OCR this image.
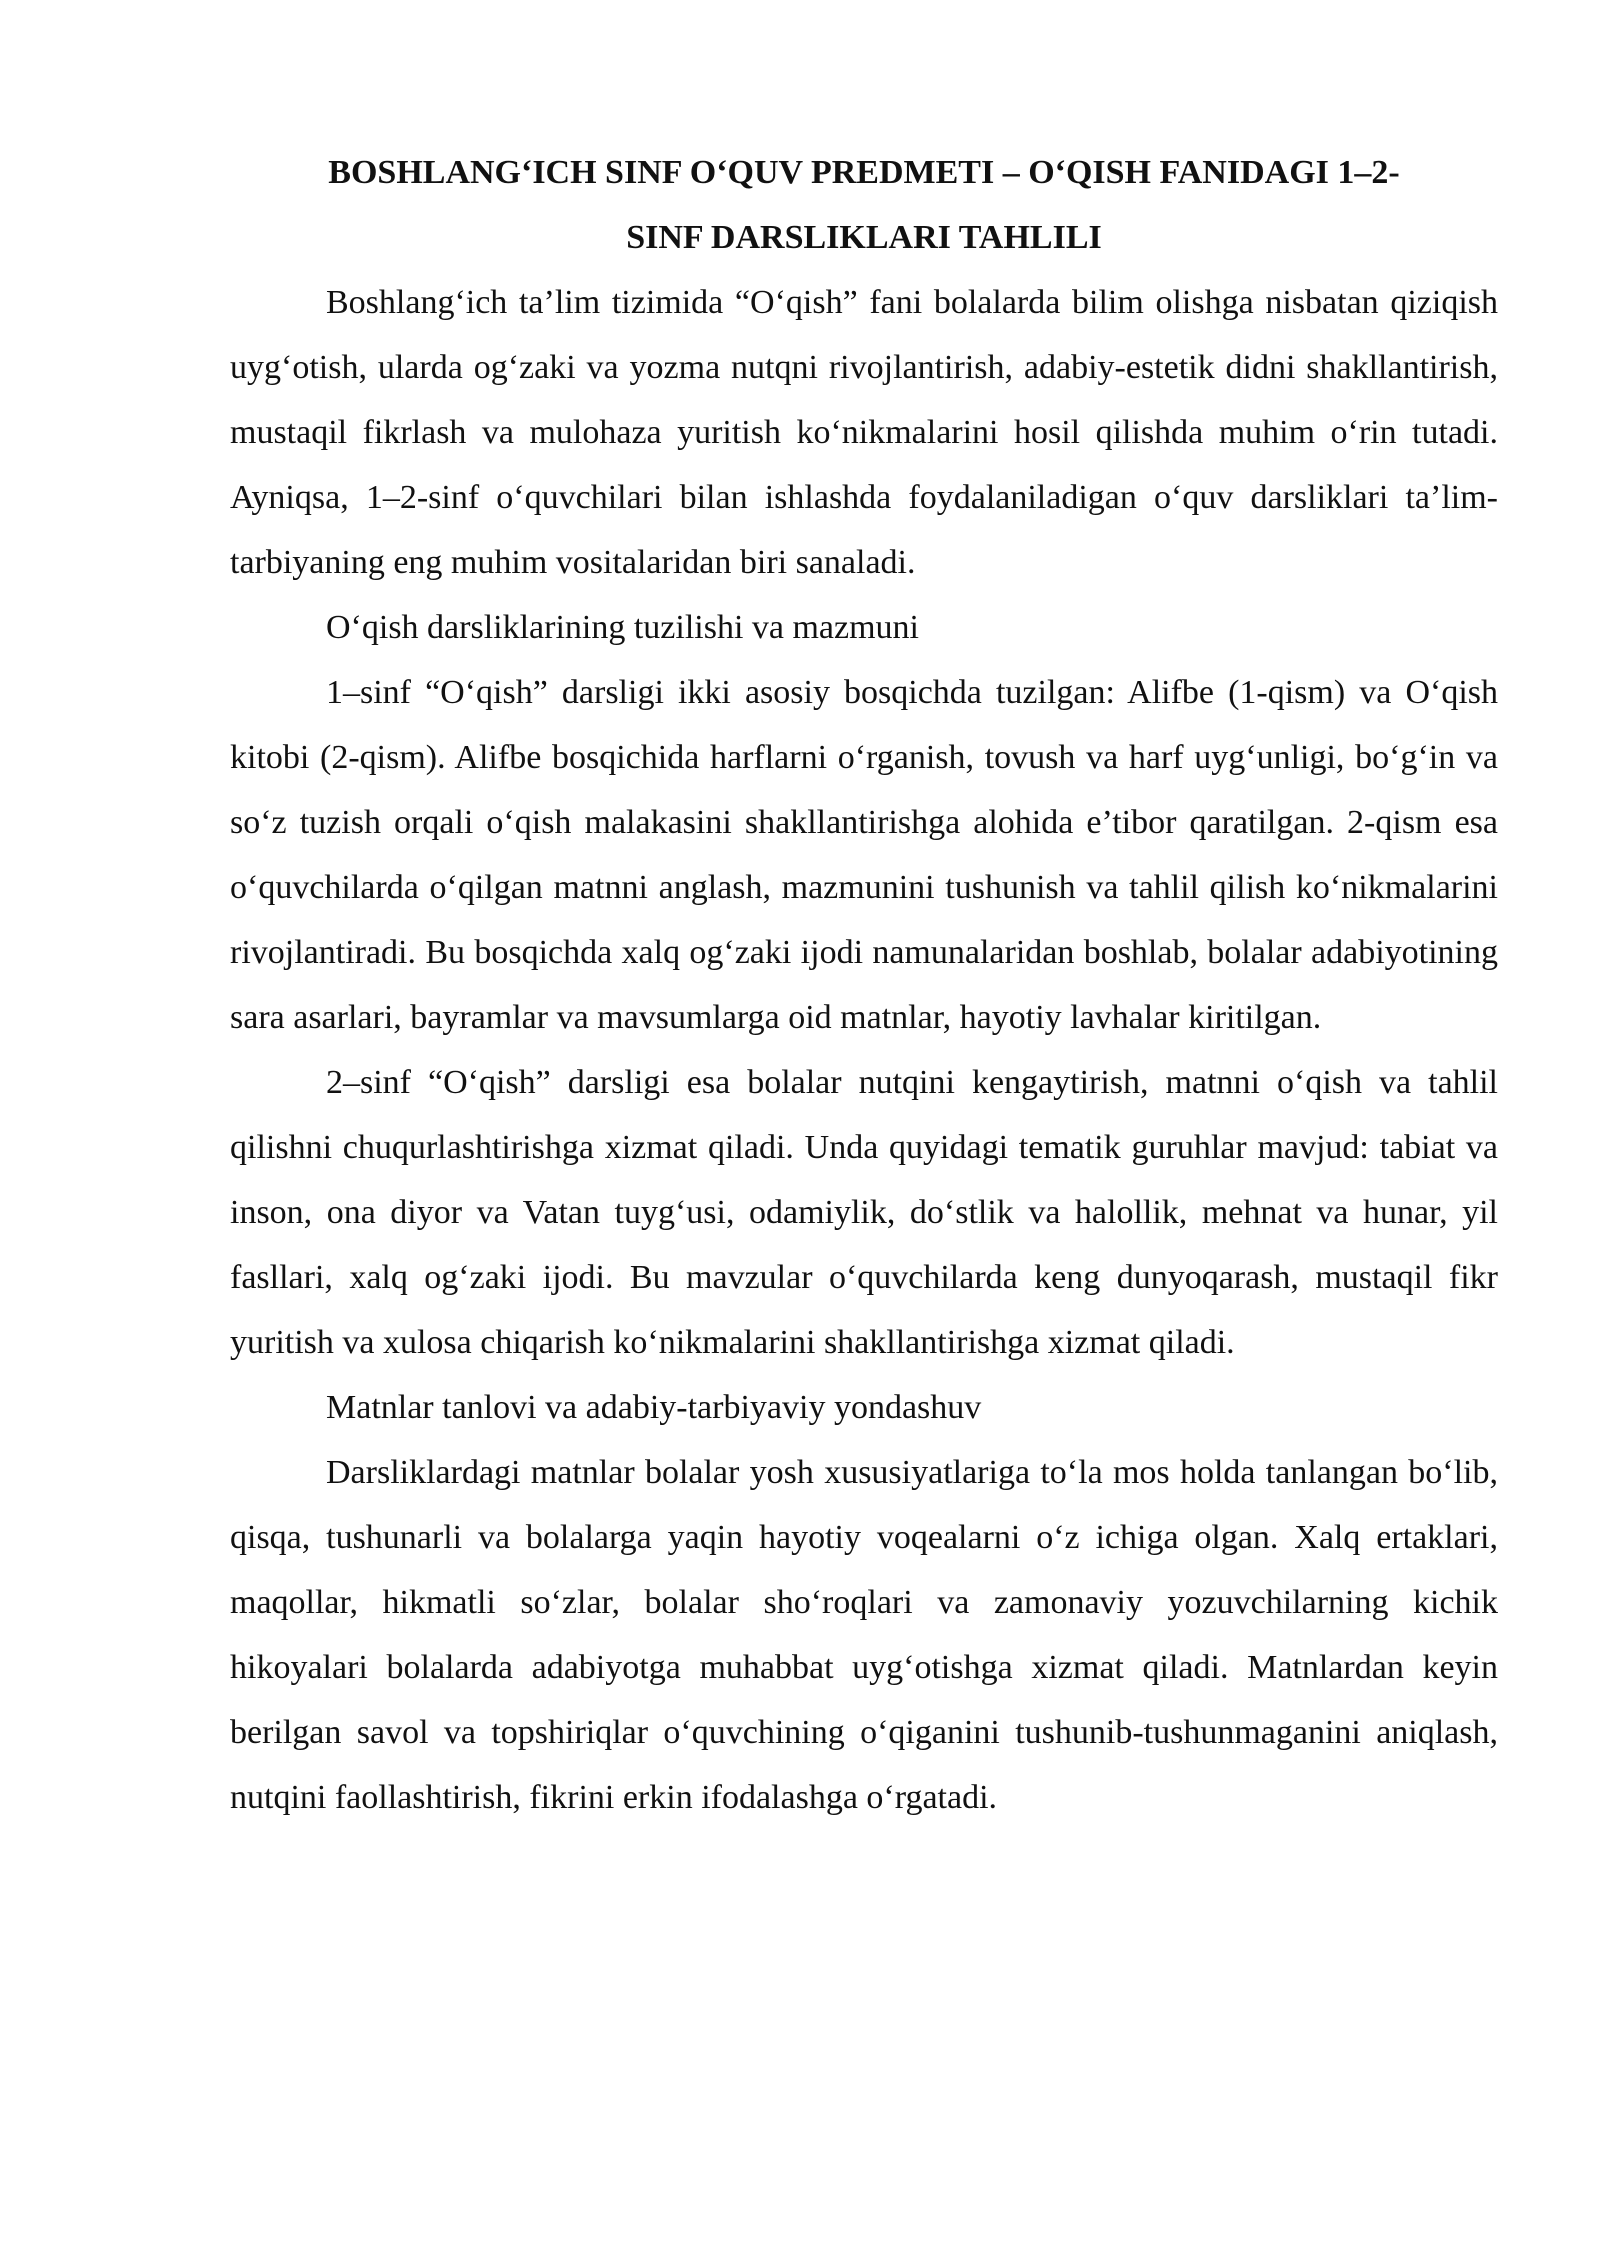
BOSHLANG‘ICH SINF O‘QUV PREDMETI – O‘QISH FANIDAGI 1–2-
SINF DARSLIKLARI TAHLILI

Boshlang‘ich ta’lim tizimida “O‘qish” fani bolalarda bilim olishga nisbatan qiziqish uyg‘otish, ularda og‘zaki va yozma nutqni rivojlantirish, adabiy-estetik didni shakllantirish, mustaqil fikrlash va mulohaza yuritish ko‘nikmalarini hosil qilishda muhim o‘rin tutadi. Ayniqsa, 1–2-sinf o‘quvchilari bilan ishlashda foydalaniladigan o‘quv darsliklari ta’lim-tarbiyaning eng muhim vositalaridan biri sanaladi.

O‘qish darsliklarining tuzilishi va mazmuni

1–sinf “O‘qish” darsligi ikki asosiy bosqichda tuzilgan: Alifbe (1-qism) va O‘qish kitobi (2-qism). Alifbe bosqichida harflarni o‘rganish, tovush va harf uyg‘unligi, bo‘g‘in va so‘z tuzish orqali o‘qish malakasini shakllantirishga alohida e’tibor qaratilgan. 2-qism esa o‘quvchilarda o‘qilgan matnni anglash, mazmunini tushunish va tahlil qilish ko‘nikmalarini rivojlantiradi. Bu bosqichda xalq og‘zaki ijodi namunalaridan boshlab, bolalar adabiyotining sara asarlari, bayramlar va mavsumlarga oid matnlar, hayotiy lavhalar kiritilgan.

2–sinf “O‘qish” darsligi esa bolalar nutqini kengaytirish, matnni o‘qish va tahlil qilishni chuqurlashtirishga xizmat qiladi. Unda quyidagi tematik guruhlar mavjud: tabiat va inson, ona diyor va Vatan tuyg‘usi, odamiylik, do‘stlik va halollik, mehnat va hunar, yil fasllari, xalq og‘zaki ijodi. Bu mavzular o‘quvchilarda keng dunyoqarash, mustaqil fikr yuritish va xulosa chiqarish ko‘nikmalarini shakllantirishga xizmat qiladi.

Matnlar tanlovi va adabiy-tarbiyaviy yondashuv

Darsliklardagi matnlar bolalar yosh xususiyatlariga to‘la mos holda tanlangan bo‘lib, qisqa, tushunarli va bolalarga yaqin hayotiy voqealarni o‘z ichiga olgan. Xalq ertaklari, maqollar, hikmatli so‘zlar, bolalar sho‘roqlari va zamonaviy yozuvchilarning kichik hikoyalari bolalarda adabiyotga muhabbat uyg‘otishga xizmat qiladi. Matnlardan keyin berilgan savol va topshiriqlar o‘quvchining o‘qiganini tushunib-tushunmaganini aniqlash, nutqini faollashtirish, fikrini erkin ifodalashga o‘rgatadi.
